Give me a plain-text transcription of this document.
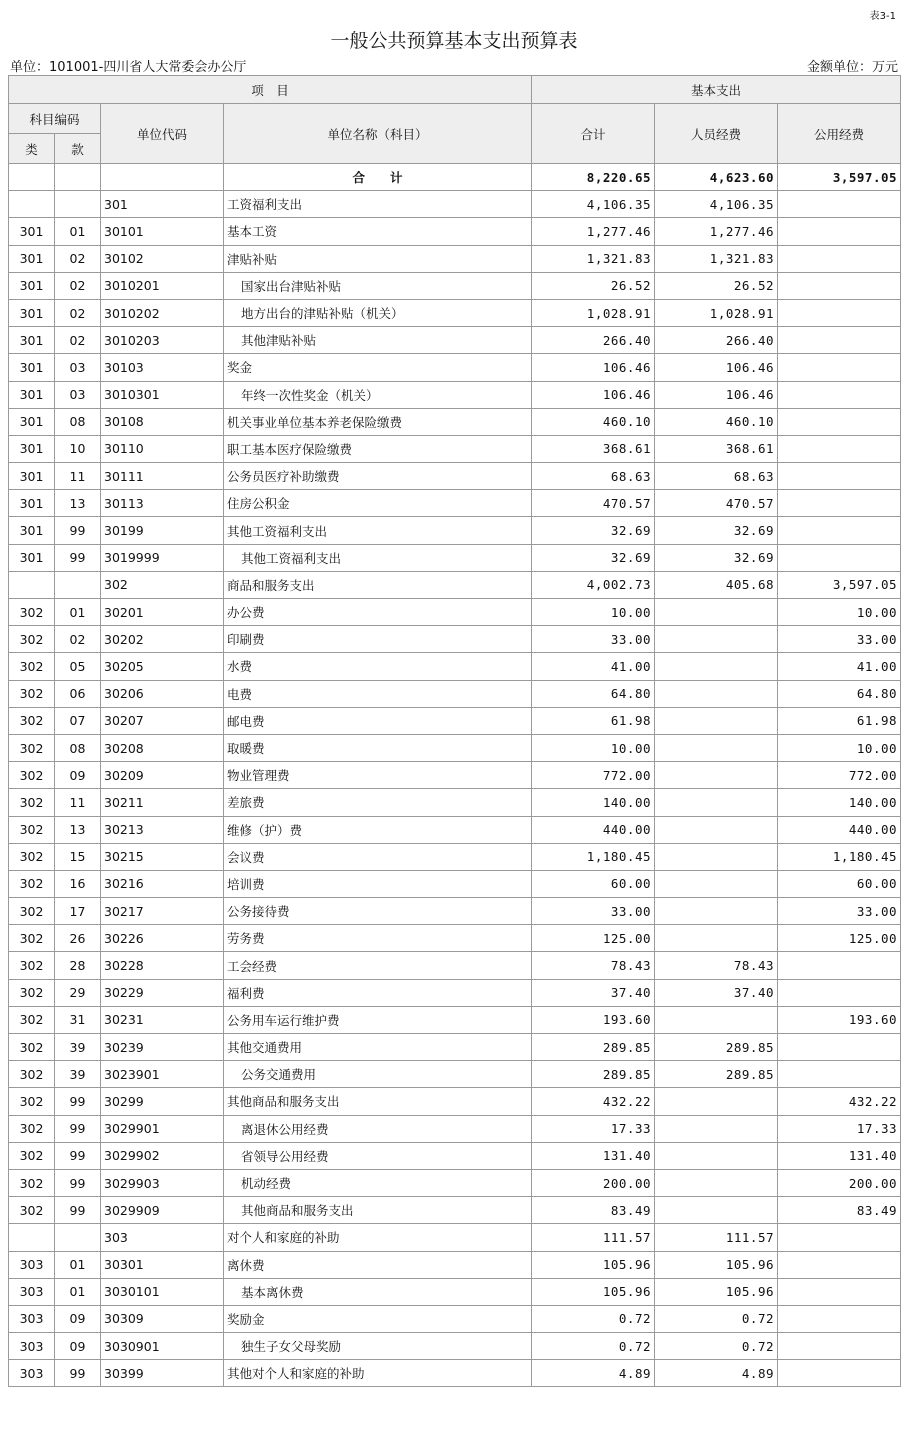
表3-1
一般公共预算基本支出预算表
单位：101001-四川省人大常委会办公厅	金额单位：万元
项　目				基本支出		
科目编码		单位代码	单位名称（科目）	合计	人员经费	公用经费
类	款					
			合　　计	8,220.65	4,623.60	3,597.05
		301	工资福利支出	4,106.35	4,106.35	
301	01	30101	基本工资	1,277.46	1,277.46	
301	02	30102	津贴补贴	1,321.83	1,321.83	
301	02	3010201	国家出台津贴补贴	26.52	26.52	
301	02	3010202	地方出台的津贴补贴（机关）	1,028.91	1,028.91	
301	02	3010203	其他津贴补贴	266.40	266.40	
301	03	30103	奖金	106.46	106.46	
301	03	3010301	年终一次性奖金（机关）	106.46	106.46	
301	08	30108	机关事业单位基本养老保险缴费	460.10	460.10	
301	10	30110	职工基本医疗保险缴费	368.61	368.61	
301	11	30111	公务员医疗补助缴费	68.63	68.63	
301	13	30113	住房公积金	470.57	470.57	
301	99	30199	其他工资福利支出	32.69	32.69	
301	99	3019999	其他工资福利支出	32.69	32.69	
		302	商品和服务支出	4,002.73	405.68	3,597.05
302	01	30201	办公费	10.00		10.00
302	02	30202	印刷费	33.00		33.00
302	05	30205	水费	41.00		41.00
302	06	30206	电费	64.80		64.80
302	07	30207	邮电费	61.98		61.98
302	08	30208	取暖费	10.00		10.00
302	09	30209	物业管理费	772.00		772.00
302	11	30211	差旅费	140.00		140.00
302	13	30213	维修（护）费	440.00		440.00
302	15	30215	会议费	1,180.45		1,180.45
302	16	30216	培训费	60.00		60.00
302	17	30217	公务接待费	33.00		33.00
302	26	30226	劳务费	125.00		125.00
302	28	30228	工会经费	78.43	78.43	
302	29	30229	福利费	37.40	37.40	
302	31	30231	公务用车运行维护费	193.60		193.60
302	39	30239	其他交通费用	289.85	289.85	
302	39	3023901	公务交通费用	289.85	289.85	
302	99	30299	其他商品和服务支出	432.22		432.22
302	99	3029901	离退休公用经费	17.33		17.33
302	99	3029902	省领导公用经费	131.40		131.40
302	99	3029903	机动经费	200.00		200.00
302	99	3029909	其他商品和服务支出	83.49		83.49
		303	对个人和家庭的补助	111.57	111.57	
303	01	30301	离休费	105.96	105.96	
303	01	3030101	基本离休费	105.96	105.96	
303	09	30309	奖励金	0.72	0.72	
303	09	3030901	独生子女父母奖励	0.72	0.72	
303	99	30399	其他对个人和家庭的补助	4.89	4.89	
